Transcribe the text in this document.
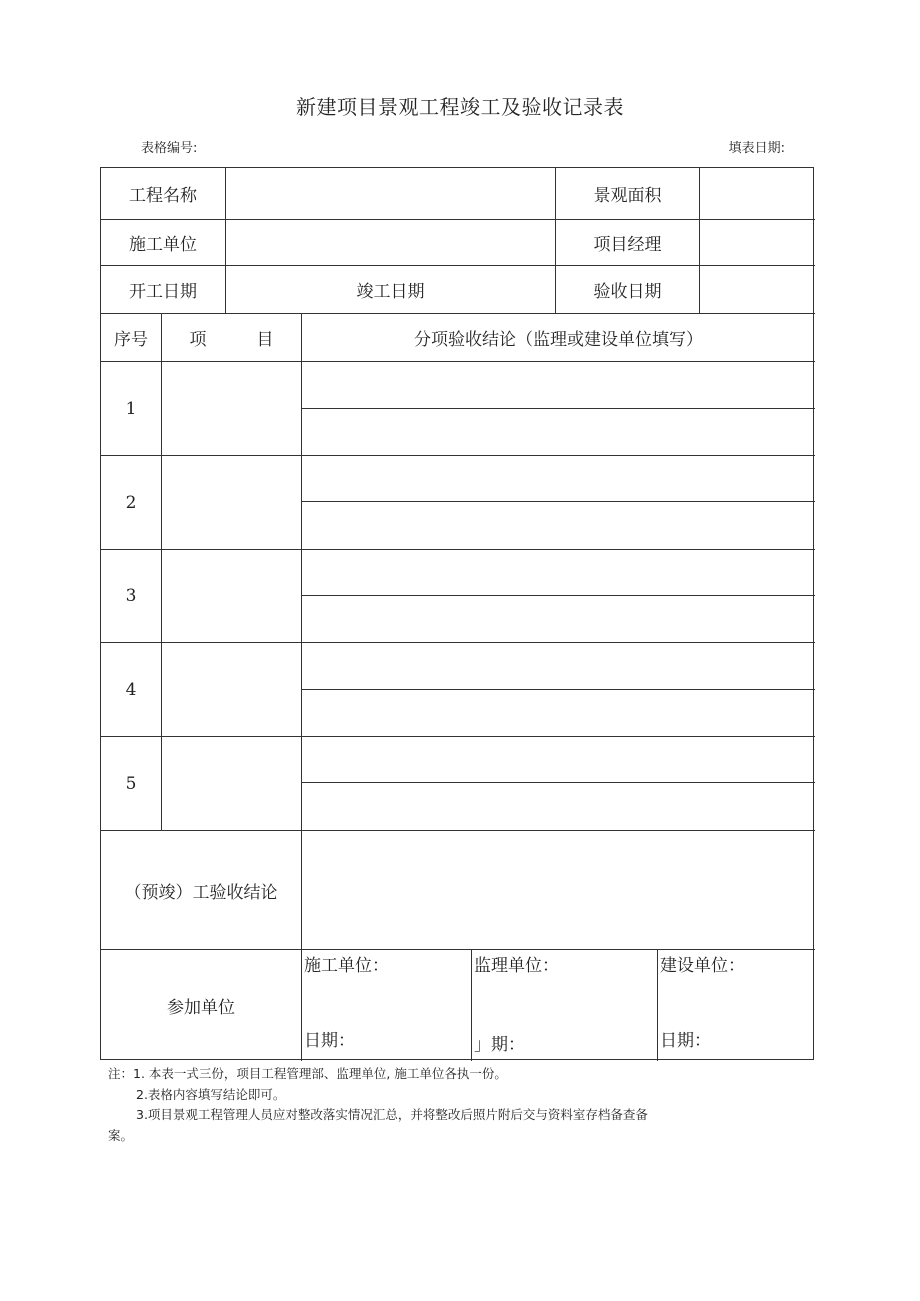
新建项目景观工程竣工及验收记录表
表格编号:	填表日期:
工程名称	景观面积
施工单位	项目经理
开工日期	竣工日期	验收日期
序号	项	目	分项验收结论（监理或建设单位填写）
1
2
3
4
5
（预竣）工验收结论
参加单位
施工单位：	监理单位：	建设单位：
日期：	」期：	日期：
注：1. 本表一式三份，项目工程管理部、监理单位, 施工单位各执一份。
2.表格内容填写结论即可。
3.项目景观工程管理人员应对整改落实情况汇总，并将整改后照片附后交与资料室存档备查备
案。
